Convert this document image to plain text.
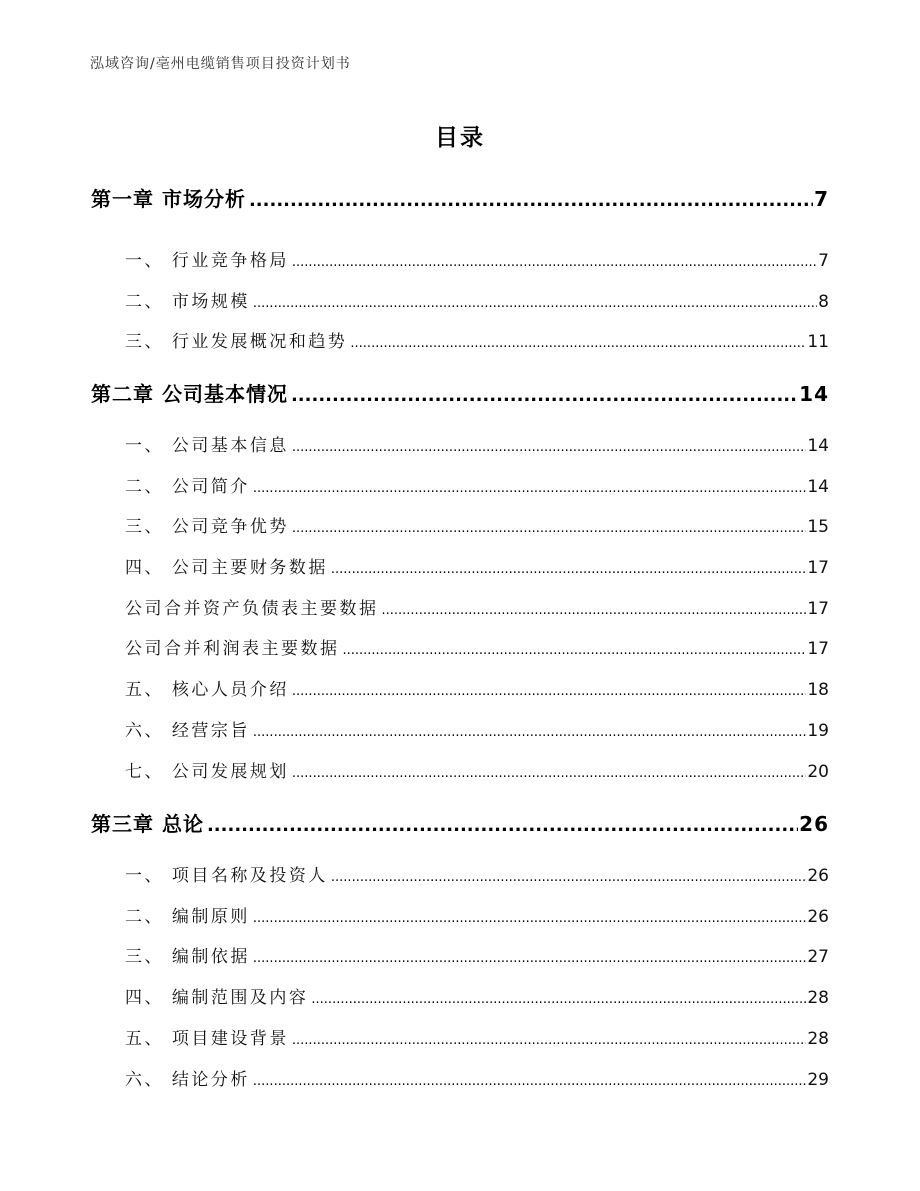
泓域咨询/亳州电缆销售项目投资计划书
目录
第一章 市场分析 .....	7
一、 行业竞争格局 .....	7
二、 市场规模 .....	8
三、 行业发展概况和趋势 .....	11
第二章 公司基本情况 .....	14
一、 公司基本信息 .....	14
二、 公司简介 .....	14
三、 公司竞争优势 .....	15
四、 公司主要财务数据 .....	17
公司合并资产负债表主要数据 .....	17
公司合并利润表主要数据 .....	17
五、 核心人员介绍 .....	18
六、 经营宗旨 .....	19
七、 公司发展规划 .....	20
第三章 总论 .....	26
一、 项目名称及投资人 .....	26
二、 编制原则 .....	26
三、 编制依据 .....	27
四、 编制范围及内容 .....	28
五、 项目建设背景 .....	28
六、 结论分析 .....	29
